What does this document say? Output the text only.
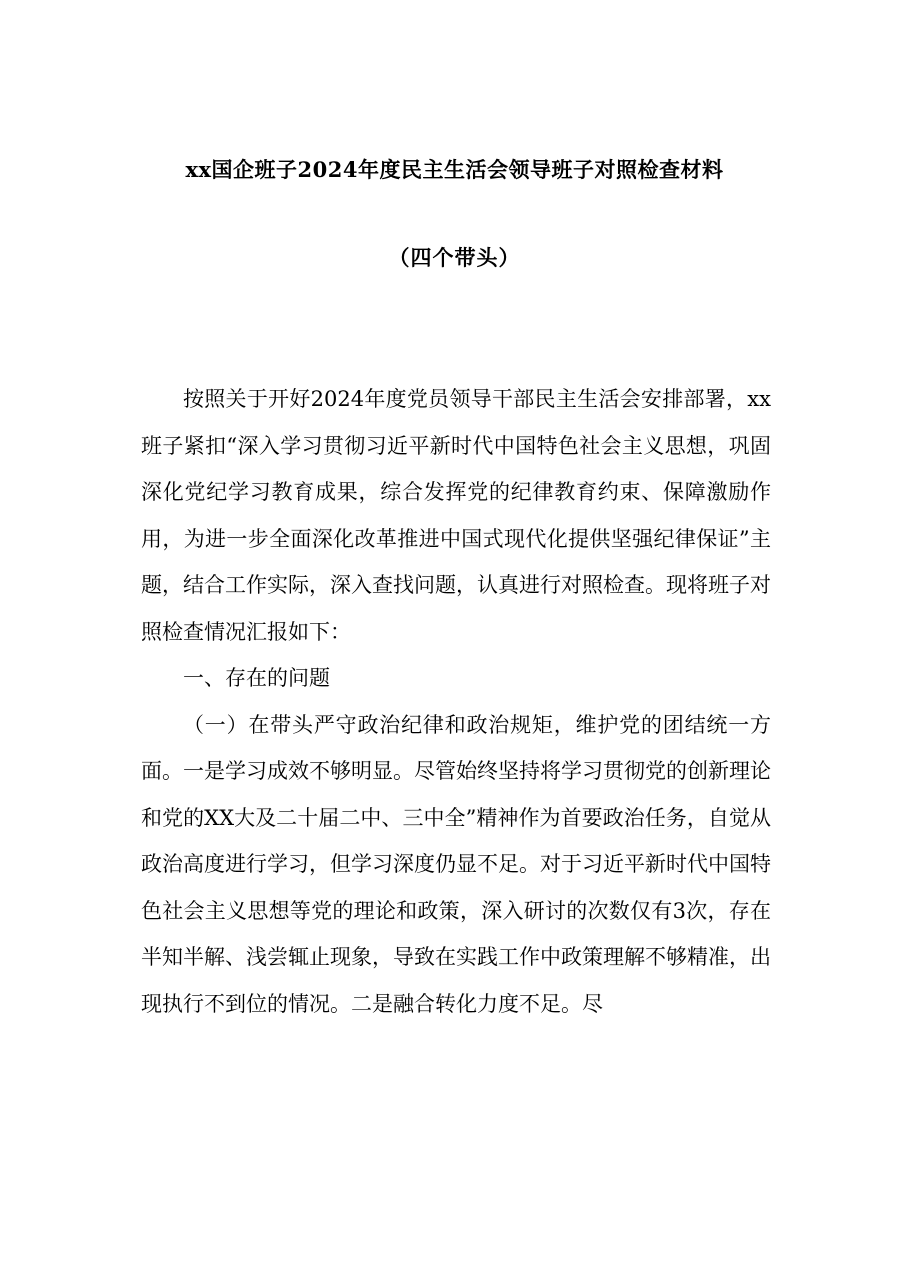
xx国企班子2024年度民主生活会领导班子对照检查材料
（四个带头）

按照关于开好2024年度党员领导干部民主生活会安排部署，xx班子紧扣“深入学习贯彻习近平新时代中国特色社会主义思想，巩固深化党纪学习教育成果，综合发挥党的纪律教育约束、保障激励作用，为进一步全面深化改革推进中国式现代化提供坚强纪律保证”主题，结合工作实际，深入查找问题，认真进行对照检查。现将班子对照检查情况汇报如下：

一、存在的问题

（一）在带头严守政治纪律和政治规矩，维护党的团结统一方面。一是学习成效不够明显。尽管始终坚持将学习贯彻党的创新理论和党的XX大及二十届二中、三中全”精神作为首要政治任务，自觉从政治高度进行学习，但学习深度仍显不足。对于习近平新时代中国特色社会主义思想等党的理论和政策，深入研讨的次数仅有3次，存在半知半解、浅尝辄止现象，导致在实践工作中政策理解不够精准，出现执行不到位的情况。二是融合转化力度不足。尽
